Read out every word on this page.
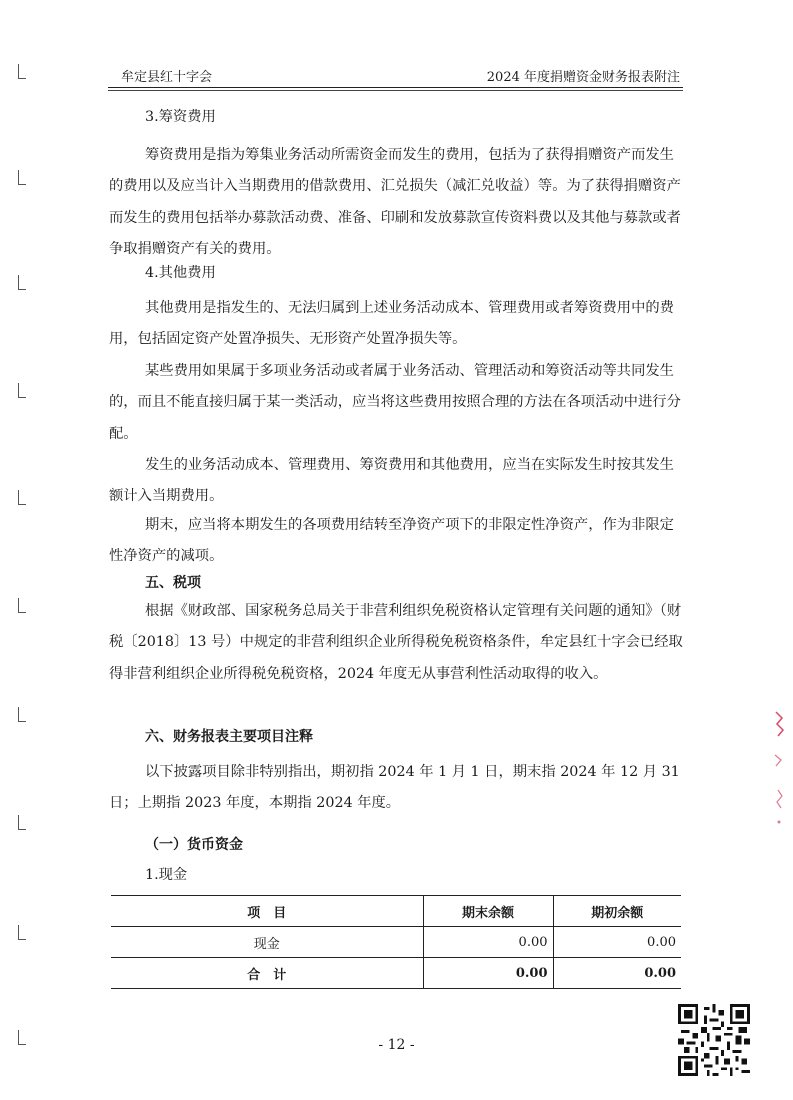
牟定县红十字会	2024 年度捐赠资金财务报表附注

3.筹资费用

筹资费用是指为筹集业务活动所需资金而发生的费用，包括为了获得捐赠资产而发生的费用以及应当计入当期费用的借款费用、汇兑损失（减汇兑收益）等。为了获得捐赠资产而发生的费用包括举办募款活动费、准备、印刷和发放募款宣传资料费以及其他与募款或者争取捐赠资产有关的费用。

4.其他费用

其他费用是指发生的、无法归属到上述业务活动成本、管理费用或者筹资费用中的费用，包括固定资产处置净损失、无形资产处置净损失等。

某些费用如果属于多项业务活动或者属于业务活动、管理活动和筹资活动等共同发生的，而且不能直接归属于某一类活动，应当将这些费用按照合理的方法在各项活动中进行分配。

发生的业务活动成本、管理费用、筹资费用和其他费用，应当在实际发生时按其发生额计入当期费用。

期末，应当将本期发生的各项费用结转至净资产项下的非限定性净资产，作为非限定性净资产的减项。

五、税项

根据《财政部、国家税务总局关于非营利组织免税资格认定管理有关问题的通知》（财税〔2018〕13 号）中规定的非营利组织企业所得税免税资格条件，牟定县红十字会已经取得非营利组织企业所得税免税资格，2024 年度无从事营利性活动取得的收入。

六、财务报表主要项目注释

以下披露项目除非特别指出，期初指 2024 年 1 月 1 日，期末指 2024 年 12 月 31 日；上期指 2023 年度，本期指 2024 年度。

（一）货币资金

1.现金

项　目	期末余额	期初余额
现金	0.00	0.00
合　计	0.00	0.00
- 12 -
